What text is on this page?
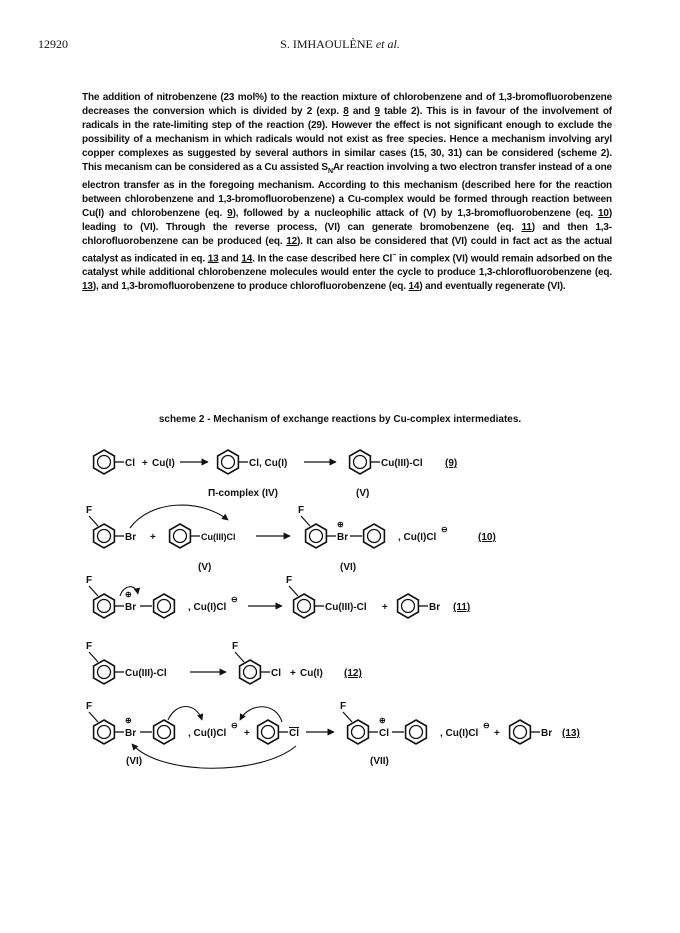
12920	S. IMHAOULÈNE et al.

The addition of nitrobenzene (23 mol%) to the reaction mixture of chlorobenzene and of 1,3-bromofluorobenzene decreases the conversion which is divided by 2 (exp. 8 and 9 table 2). This is in favour of the involvement of radicals in the rate-limiting step of the reaction (29). However the effect is not significant enough to exclude the possibility of a mechanism in which radicals would not exist as free species. Hence a mechanism involving aryl copper complexes as suggested by several authors in similar cases (15, 30, 31) can be considered (scheme 2). This mecanism can be considered as a Cu assisted $S_NAr$ reaction involving a two electron transfer instead of a one electron transfer as in the foregoing mechanism. According to this mechanism (described here for the reaction between chlorobenzene and 1,3-bromofluorobenzene) a Cu-complex would be formed through reaction between Cu(I) and chlorobenzene (eq. 9), followed by a nucleophilic attack of (V) by 1,3-bromofluorobenzene (eq. 10) leading to (VI). Through the reverse process, (VI) can generate bromobenzene (eq. 11) and then 1,3-chlorofluorobenzene can be produced (eq. 12). It can also be considered that (VI) could in fact act as the actual catalyst as indicated in eq. 13 and 14. In the case described here Cl− in complex (VI) would remain adsorbed on the catalyst while additional chlorobenzene molecules would enter the cycle to produce 1,3-chlorofluorobenzene (eq. 13), and 1,3-bromofluorobenzene to produce chlorofluorobenzene (eq. 14) and eventually regenerate (VI).

scheme 2 - Mechanism of exchange reactions by Cu-complex intermediates.
Cl + Cu(I)	Cl, Cu(I)
Π-complex (IV)
Cu(III)-Cl
(V)
(9)
F
Br +	Cu(III)Cl
(V)
F
⊕
Br	, Cu(I)Cl
⊖
(VI)
(10)
F
⊕
Br	, Cu(I)Cl
⊖
F
Cu(III)-Cl +	Br (11)
F
Cu(III)-Cl
F
Cl + Cu(I) (12)
F
⊕
Br	, Cu(I)Cl
⊖
+	Cl
(VI)
F
⊕
Cl	, Cu(I)Cl
⊖
+	Br (13)
(VII)
